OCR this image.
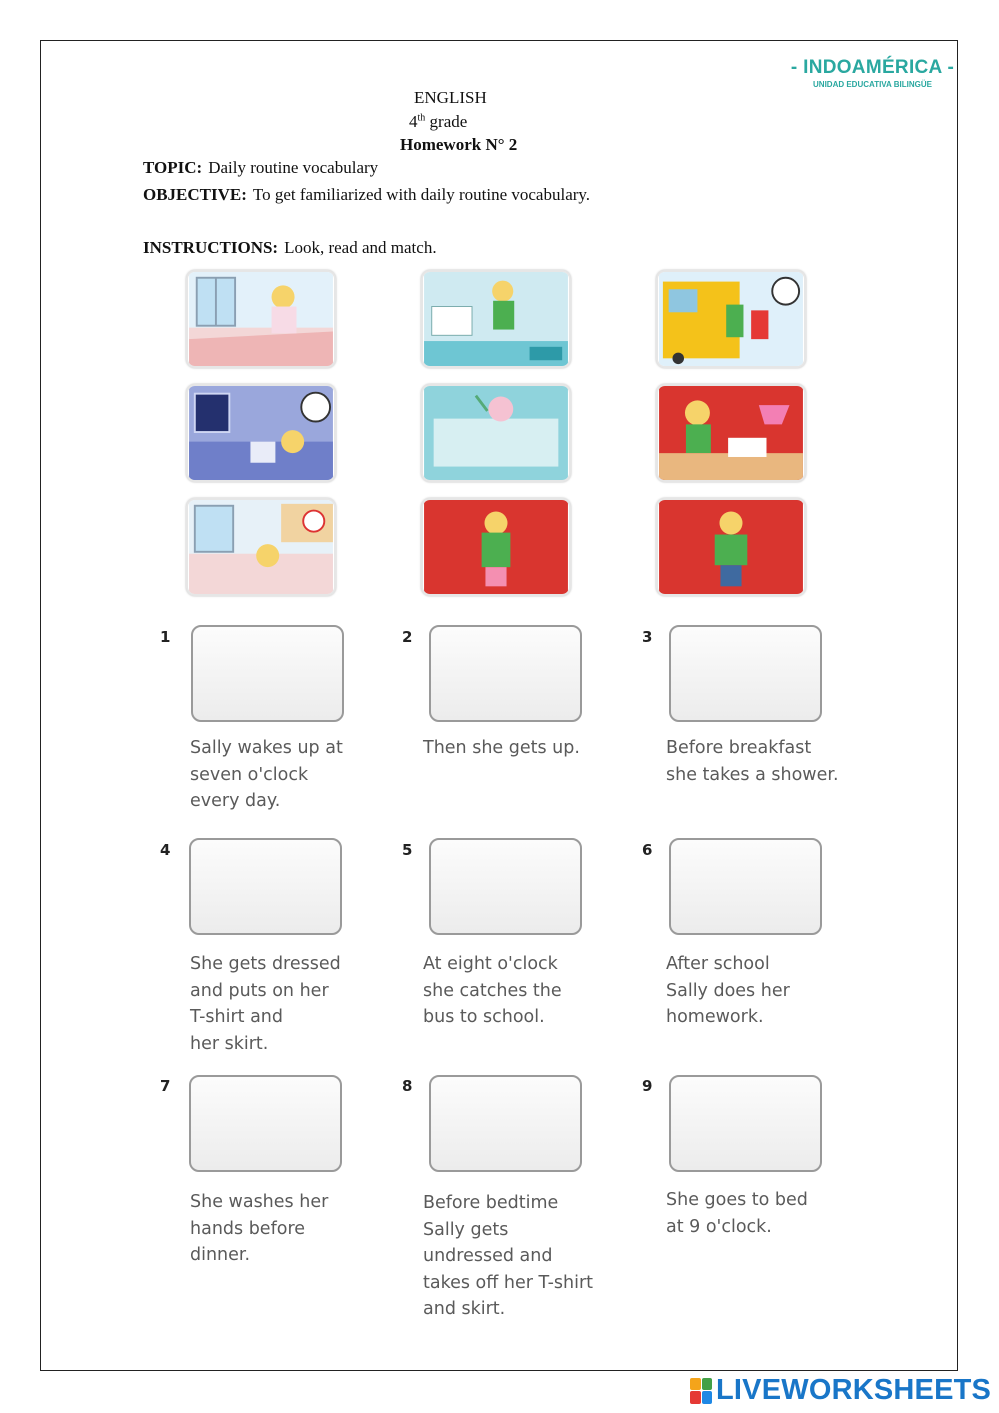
- INDOAMÉRICA -
UNIDAD EDUCATIVA BILINGÜE
ENGLISH
4th grade
Homework N° 2
TOPIC: Daily routine vocabulary
OBJECTIVE: To get familiarized with daily routine vocabulary.
INSTRUCTIONS: Look, read and match.
1
Sally wakes up at
seven o'clock
every day.
2
Then she gets up.
3
Before breakfast
she takes a shower.
4
She gets dressed
and puts on her
T-shirt and
her skirt.
5
At eight o'clock
she catches the
bus to school.
6
After school
Sally does her
homework.
7
She washes her
hands before
dinner.
8
Before bedtime
Sally gets
undressed and
takes off her T-shirt
and skirt.
9
She goes to bed
at 9 o'clock.
LIVEWORKSHEETS
